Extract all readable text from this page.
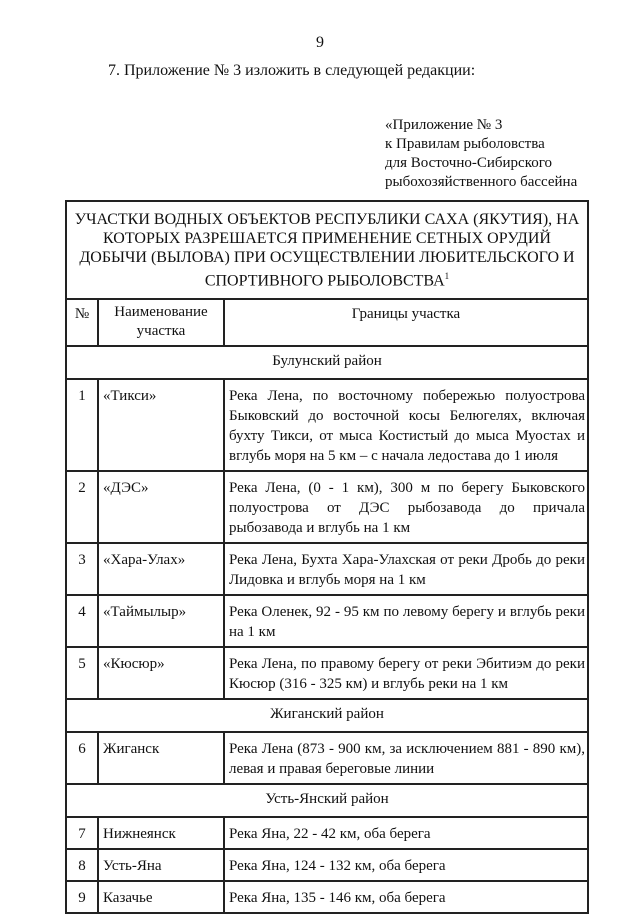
9
7. Приложение № 3 изложить в следующей редакции:
«Приложение № 3
к Правилам рыболовства
для Восточно-Сибирского
рыбохозяйственного бассейна
УЧАСТКИ ВОДНЫХ ОБЪЕКТОВ РЕСПУБЛИКИ САХА (ЯКУТИЯ), НА КОТОРЫХ РАЗРЕШАЕТСЯ ПРИМЕНЕНИЕ СЕТНЫХ ОРУДИЙ ДОБЫЧИ (ВЫЛОВА) ПРИ ОСУЩЕСТВЛЕНИИ ЛЮБИТЕЛЬСКОГО И СПОРТИВНОГО РЫБОЛОВСТВА$^1$
№	Наименование участка	Границы участка
Булунский район		
1	«Тикси»	Река Лена, по восточному побережью полуострова Быковский до восточной косы Белюгелях, включая бухту Тикси, от мыса Костистый до мыса Муостах и вглубь моря на 5 км – с начала ледостава до 1 июля
2	«ДЭС»	Река Лена, (0 - 1 км), 300 м по берегу Быковского полуострова от ДЭС рыбозавода до причала рыбозавода и вглубь на 1 км
3	«Хара-Улах»	Река Лена, Бухта Хара-Улахская от реки Дробь до реки Лидовка и вглубь моря на 1 км
4	«Таймылыр»	Река Оленек, 92 - 95 км по левому берегу и вглубь реки на 1 км
5	«Кюсюр»	Река Лена, по правому берегу от реки Эбитиэм до реки Кюсюр (316 - 325 км) и вглубь реки на 1 км
Жиганский район		
6	Жиганск	Река Лена (873 - 900 км, за исключением 881 - 890 км), левая и правая береговые линии
Усть-Янский район		
7	Нижнеянск	Река Яна, 22 - 42 км, оба берега
8	Усть-Яна	Река Яна, 124 - 132 км, оба берега
9	Казачье	Река Яна, 135 - 146 км, оба берега
